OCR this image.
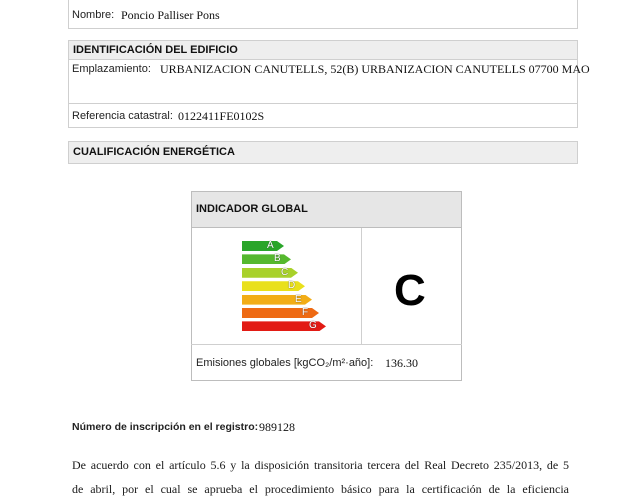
Nombre: Poncio Palliser Pons
IDENTIFICACIÓN DEL EDIFICIO
Emplazamiento: URBANIZACION CANUTELLS, 52(B) URBANIZACION CANUTELLS 07700 MAO
Referencia catastral: 0122411FE0102S
CUALIFICACIÓN ENERGÉTICA
INDICADOR GLOBAL
A
B
C
D
E
F
G
C
Emisiones globales [kgCO₂/m²·año]: 136.30
Número de inscripción en el registro: 989128
De acuerdo con el artículo 5.6 y la disposición transitoria tercera del Real Decreto 235/2013, de 5
de abril, por el cual se aprueba el procedimiento básico para la certificación de la eficiencia
